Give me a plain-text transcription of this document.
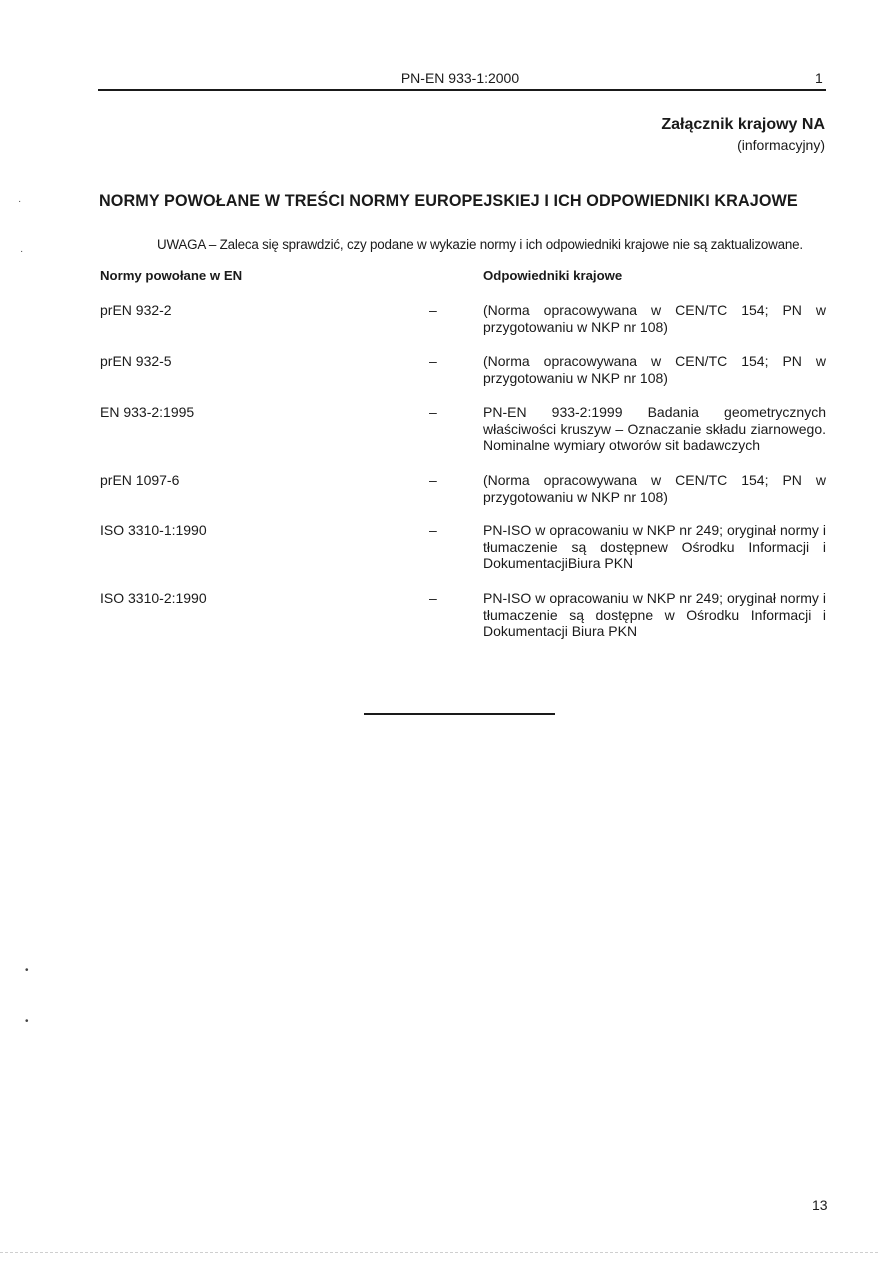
PN-EN 933-1:2000	1
Załącznik krajowy NA
(informacyjny)
NORMY POWOŁANE W TREŚCI NORMY EUROPEJSKIEJ I ICH ODPOWIEDNIKI KRAJOWE
UWAGA – Zaleca się sprawdzić, czy podane w wykazie normy i ich odpowiedniki krajowe nie są zaktualizowane.
Normy powołane w EN	Odpowiedniki krajowe
prEN 932-2	–	(Norma opracowywana w CEN/TC 154; PN w przygotowaniu w NKP nr 108)
prEN 932-5	–	(Norma opracowywana w CEN/TC 154; PN w przygotowaniu w NKP nr 108)
EN 933-2:1995	–	PN-EN 933-2:1999 Badania geometrycznych właściwości kruszyw – Oznaczanie składu ziarnowego. Nominalne wymiary otworów sit badawczych
prEN 1097-6	–	(Norma opracowywana w CEN/TC 154; PN w przygotowaniu w NKP nr 108)
ISO 3310-1:1990	–	PN-ISO w opracowaniu w NKP nr 249; oryginał normy i tłumaczenie są dostępnew Ośrodku Informacji i DokumentacjiBiura PKN
ISO 3310-2:1990	–	PN-ISO w opracowaniu w NKP nr 249; oryginał normy i tłumaczenie są dostępne w Ośrodku Informacji i Dokumentacji Biura PKN
13
·
·
•
•
